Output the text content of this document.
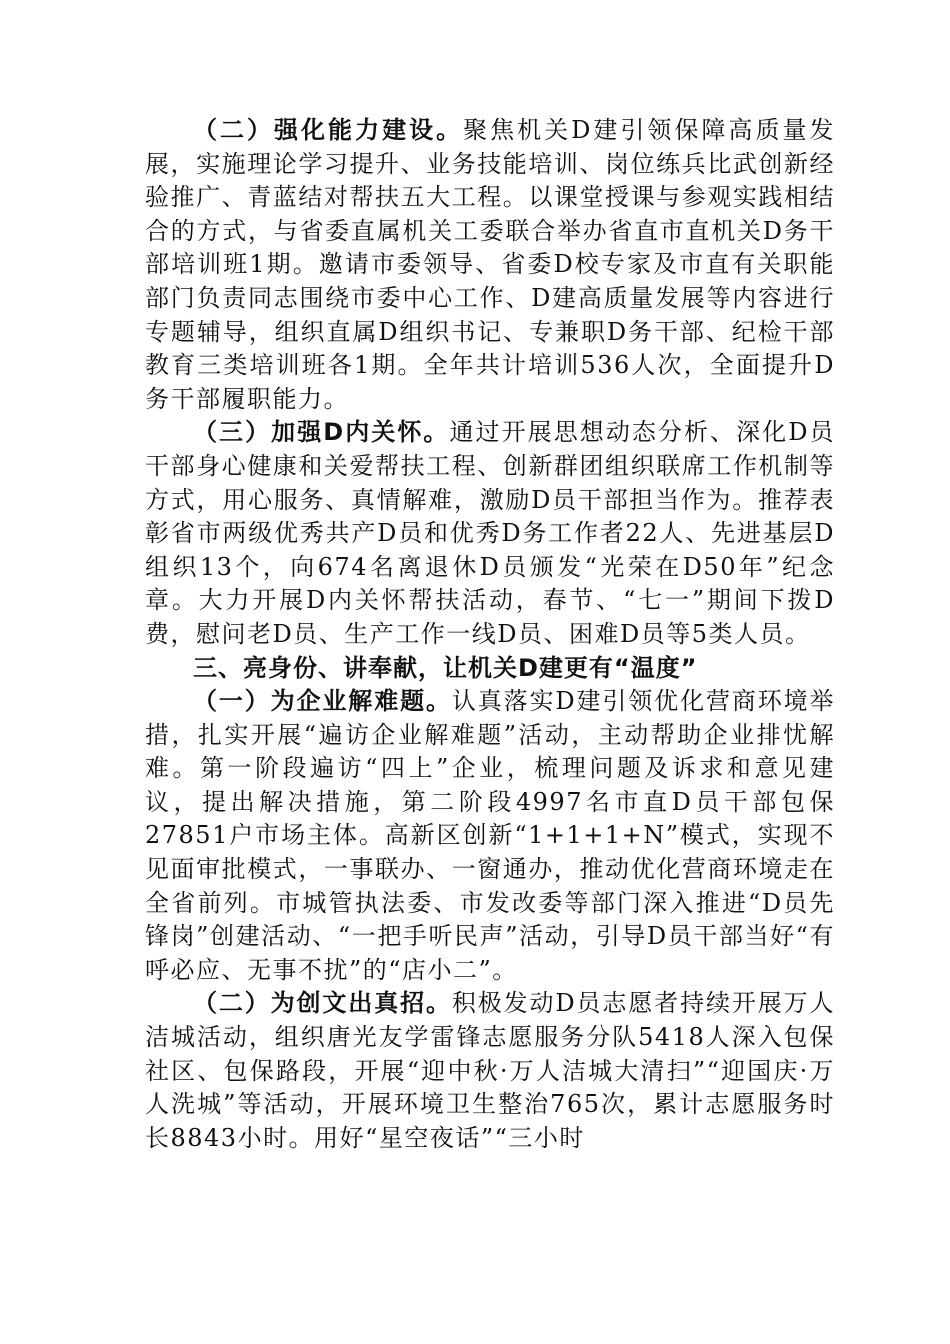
（二）强化能力建设。聚焦机关D建引领保障高质量发展，实施理论学习提升、业务技能培训、岗位练兵比武创新经验推广、青蓝结对帮扶五大工程。以课堂授课与参观实践相结合的方式，与省委直属机关工委联合举办省直市直机关D务干部培训班1期。邀请市委领导、省委D校专家及市直有关职能部门负责同志围绕市委中心工作、D建高质量发展等内容进行专题辅导，组织直属D组织书记、专兼职D务干部、纪检干部教育三类培训班各1期。全年共计培训536人次，全面提升D务干部履职能力。

（三）加强D内关怀。通过开展思想动态分析、深化D员干部身心健康和关爱帮扶工程、创新群团组织联席工作机制等方式，用心服务、真情解难，激励D员干部担当作为。推荐表彰省市两级优秀共产D员和优秀D务工作者22人、先进基层D组织13个，向674名离退休D员颁发“光荣在D50年”纪念章。大力开展D内关怀帮扶活动，春节、“七一”期间下拨D费，慰问老D员、生产工作一线D员、困难D员等5类人员。

三、亮身份、讲奉献，让机关D建更有“温度”

（一）为企业解难题。认真落实D建引领优化营商环境举措，扎实开展“遍访企业解难题”活动，主动帮助企业排忧解难。第一阶段遍访“四上”企业，梳理问题及诉求和意见建议，提出解决措施，第二阶段4997名市直D员干部包保27851户市场主体。高新区创新“1+1+1+N”模式，实现不见面审批模式，一事联办、一窗通办，推动优化营商环境走在全省前列。市城管执法委、市发改委等部门深入推进“D员先锋岗”创建活动、“一把手听民声”活动，引导D员干部当好“有呼必应、无事不扰”的“店小二”。

（二）为创文出真招。积极发动D员志愿者持续开展万人洁城活动，组织唐光友学雷锋志愿服务分队5418人深入包保社区、包保路段，开展“迎中秋·万人洁城大清扫”“迎国庆·万人洗城”等活动，开展环境卫生整治765次，累计志愿服务时长8843小时。用好“星空夜话”“三小时
